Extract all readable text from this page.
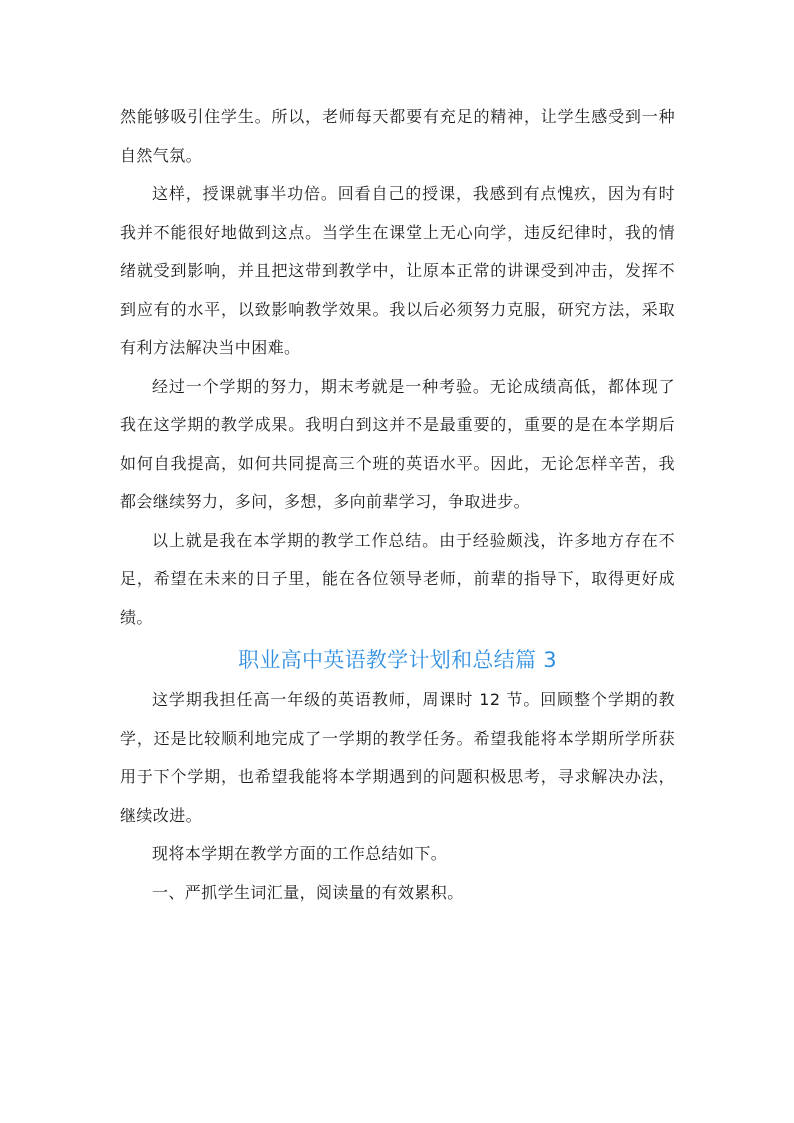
然能够吸引住学生。所以，老师每天都要有充足的精神，让学生感受到一种自然气氛。

这样，授课就事半功倍。回看自己的授课，我感到有点愧疚，因为有时我并不能很好地做到这点。当学生在课堂上无心向学，违反纪律时，我的情绪就受到影响，并且把这带到教学中，让原本正常的讲课受到冲击，发挥不到应有的水平，以致影响教学效果。我以后必须努力克服，研究方法，采取有利方法解决当中困难。

经过一个学期的努力，期末考就是一种考验。无论成绩高低，都体现了我在这学期的教学成果。我明白到这并不是最重要的，重要的是在本学期后如何自我提高，如何共同提高三个班的英语水平。因此，无论怎样辛苦，我都会继续努力，多问，多想，多向前辈学习，争取进步。

以上就是我在本学期的教学工作总结。由于经验颇浅，许多地方存在不足，希望在未来的日子里，能在各位领导老师，前辈的指导下，取得更好成绩。

职业高中英语教学计划和总结篇 3

这学期我担任高一年级的英语教师，周课时 12 节。回顾整个学期的教学，还是比较顺利地完成了一学期的教学任务。希望我能将本学期所学所获用于下个学期，也希望我能将本学期遇到的问题积极思考，寻求解决办法，继续改进。

现将本学期在教学方面的工作总结如下。

一、严抓学生词汇量，阅读量的有效累积。
